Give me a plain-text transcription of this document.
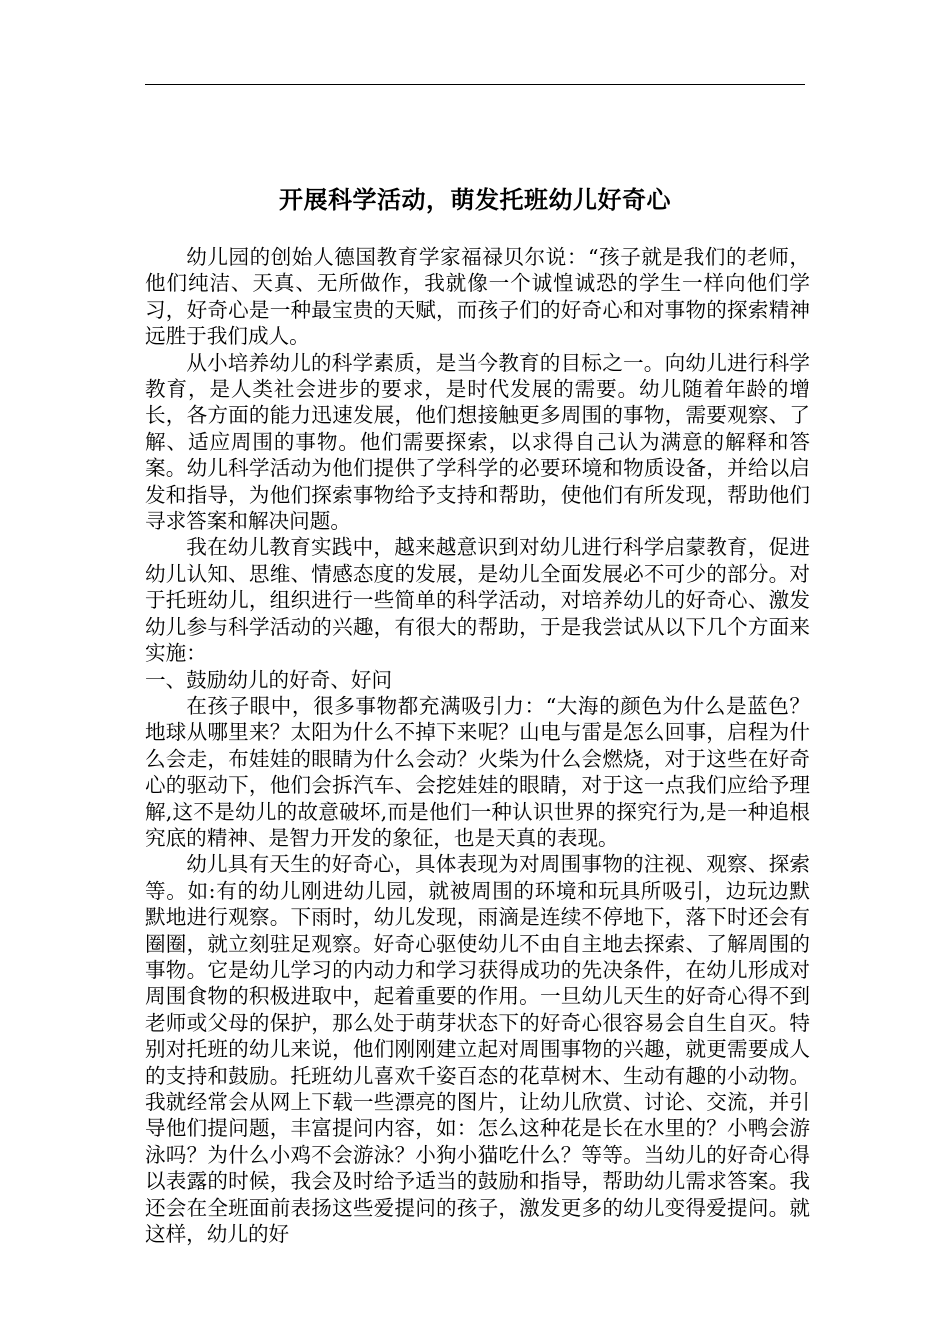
开展科学活动，萌发托班幼儿好奇心

幼儿园的创始人德国教育学家福禄贝尔说：“孩子就是我们的老师，他们纯洁、天真、无所做作，我就像一个诚惶诚恐的学生一样向他们学习，好奇心是一种最宝贵的天赋，而孩子们的好奇心和对事物的探索精神远胜于我们成人。

从小培养幼儿的科学素质，是当今教育的目标之一。向幼儿进行科学教育，是人类社会进步的要求，是时代发展的需要。幼儿随着年龄的增长，各方面的能力迅速发展，他们想接触更多周围的事物，需要观察、了解、适应周围的事物。他们需要探索，以求得自己认为满意的解释和答案。幼儿科学活动为他们提供了学科学的必要环境和物质设备，并给以启发和指导，为他们探索事物给予支持和帮助，使他们有所发现，帮助他们寻求答案和解决问题。

我在幼儿教育实践中，越来越意识到对幼儿进行科学启蒙教育，促进幼儿认知、思维、情感态度的发展，是幼儿全面发展必不可少的部分。对于托班幼儿，组织进行一些简单的科学活动，对培养幼儿的好奇心、激发幼儿参与科学活动的兴趣，有很大的帮助，于是我尝试从以下几个方面来实施：

一、鼓励幼儿的好奇、好问

在孩子眼中，很多事物都充满吸引力：“大海的颜色为什么是蓝色？地球从哪里来？太阳为什么不掉下来呢？山电与雷是怎么回事，启程为什么会走，布娃娃的眼睛为什么会动？火柴为什么会燃烧，对于这些在好奇心的驱动下，他们会拆汽车、会挖娃娃的眼睛，对于这一点我们应给予理解,这不是幼儿的故意破坏,而是他们一种认识世界的探究行为,是一种追根究底的精神、是智力开发的象征，也是天真的表现。

幼儿具有天生的好奇心，具体表现为对周围事物的注视、观察、探索等。如:有的幼儿刚进幼儿园，就被周围的环境和玩具所吸引，边玩边默默地进行观察。下雨时，幼儿发现，雨滴是连续不停地下，落下时还会有圈圈，就立刻驻足观察。好奇心驱使幼儿不由自主地去探索、了解周围的事物。它是幼儿学习的内动力和学习获得成功的先决条件，在幼儿形成对周围食物的积极进取中，起着重要的作用。一旦幼儿天生的好奇心得不到老师或父母的保护，那么处于萌芽状态下的好奇心很容易会自生自灭。特别对托班的幼儿来说，他们刚刚建立起对周围事物的兴趣，就更需要成人的支持和鼓励。托班幼儿喜欢千姿百态的花草树木、生动有趣的小动物。我就经常会从网上下载一些漂亮的图片，让幼儿欣赏、讨论、交流，并引导他们提问题，丰富提问内容，如：怎么这种花是长在水里的？小鸭会游泳吗？为什么小鸡不会游泳？小狗小猫吃什么？等等。当幼儿的好奇心得以表露的时候，我会及时给予适当的鼓励和指导，帮助幼儿需求答案。我还会在全班面前表扬这些爱提问的孩子，激发更多的幼儿变得爱提问。就这样，幼儿的好
